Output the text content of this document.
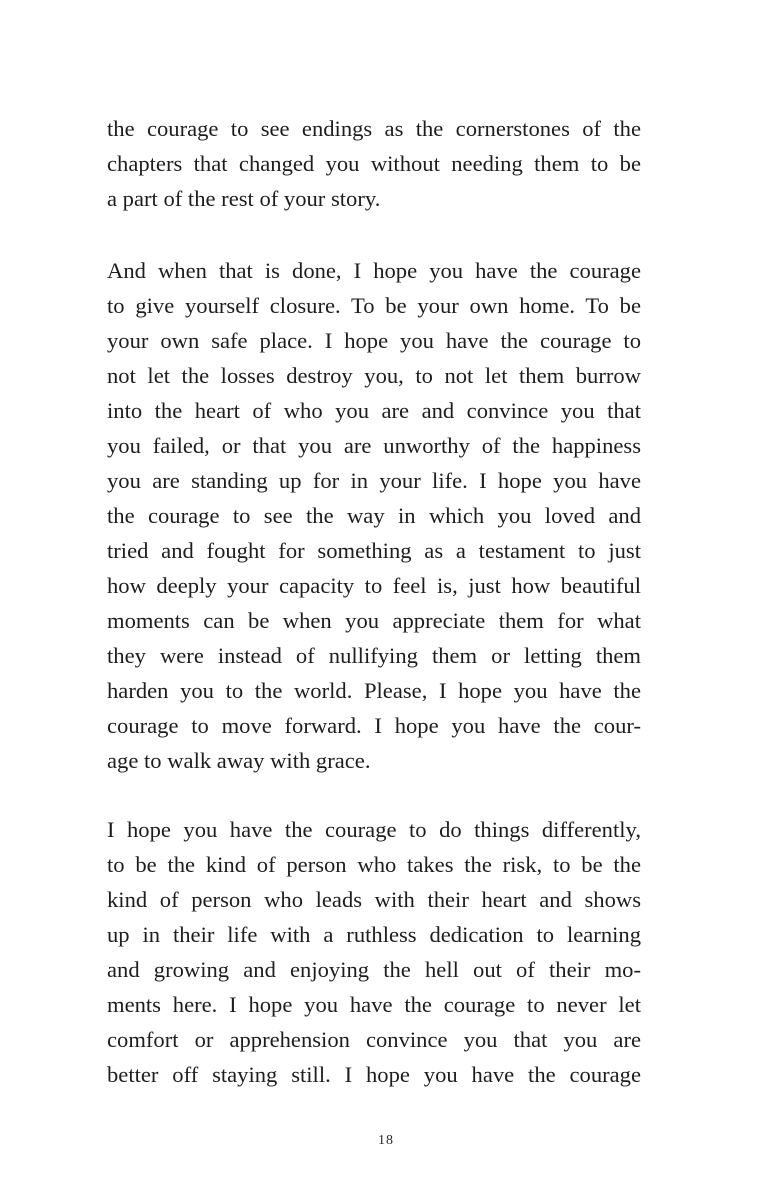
the courage to see endings as the cornerstones of the
chapters that changed you without needing them to be
a part of the rest of your story.
And when that is done, I hope you have the courage
to give yourself closure. To be your own home. To be
your own safe place. I hope you have the courage to
not let the losses destroy you, to not let them burrow
into the heart of who you are and convince you that
you failed, or that you are unworthy of the happiness
you are standing up for in your life. I hope you have
the courage to see the way in which you loved and
tried and fought for something as a testament to just
how deeply your capacity to feel is, just how beautiful
moments can be when you appreciate them for what
they were instead of nullifying them or letting them
harden you to the world. Please, I hope you have the
courage to move forward. I hope you have the cour-
age to walk away with grace.
I hope you have the courage to do things differently,
to be the kind of person who takes the risk, to be the
kind of person who leads with their heart and shows
up in their life with a ruthless dedication to learning
and growing and enjoying the hell out of their mo-
ments here. I hope you have the courage to never let
comfort or apprehension convince you that you are
better off staying still. I hope you have the courage
18
